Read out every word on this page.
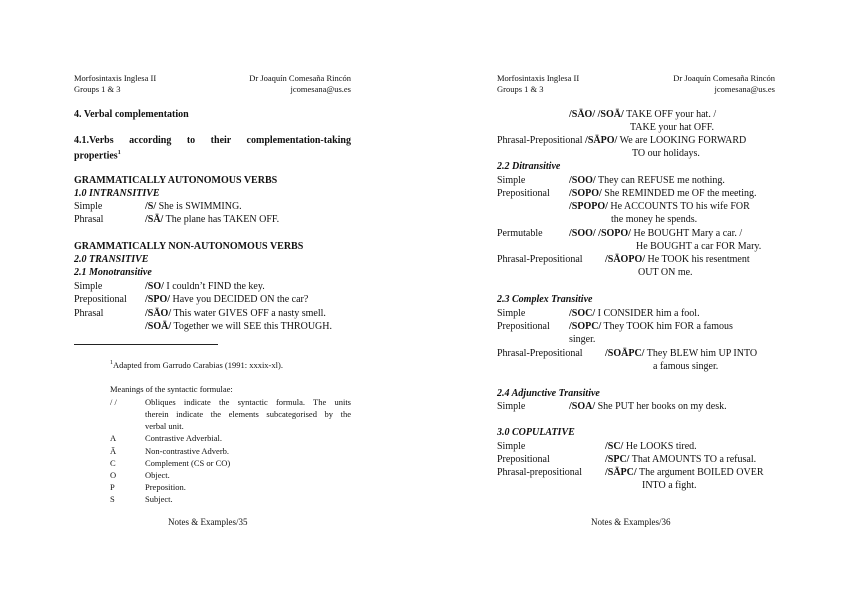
Morfosintaxis Inglesa II
Groups 1 & 3
Dr Joaquín Comesaña Rincón
jcomesana@us.es
4. Verbal complementation
4.1.Verbs according to their complementation-taking
properties$^1$
GRAMMATICALLY AUTONOMOUS VERBS
1.0 INTRANSITIVE
Simple	/S/ She is SWIMMING.
Phrasal	/SĀ/ The plane has TAKEN OFF.
GRAMMATICALLY NON-AUTONOMOUS VERBS
2.0 TRANSITIVE
2.1 Monotransitive
Simple	/SO/ I couldn’t FIND the key.
Prepositional /SPO/ Have you DECIDED ON the car?
Phrasal	/SĀO/ This water GIVES OFF a nasty smell.
/SOĀ/ Together we will SEE this THROUGH.
$^1$Adapted from Garrudo Carabias (1991: xxxix-xl).
Meanings of the syntactic formulae:
/ /	Obliques indicate the syntactic formula. The units
therein indicate the elements subcategorised by the
verbal unit.
A	Contrastive Adverbial.
Ā	Non-contrastive Adverb.
C	Complement (CS or CO)
O	Object.
P	Preposition.
S	Subject.
Notes & Examples/35
Morfosintaxis Inglesa II
Groups 1 & 3
Dr Joaquín Comesaña Rincón
jcomesana@us.es
/SĀO/ /SOĀ/ TAKE OFF your hat. /
TAKE your hat OFF.
Phrasal-Prepositional /SĀPO/ We are LOOKING FORWARD
TO our holidays.
2.2 Ditransitive
Simple	/SOO/ They can REFUSE me nothing.
Prepositional /SOPO/ She REMINDED me OF the meeting.
/SPOPO/ He ACCOUNTS TO his wife FOR
the money he spends.
Permutable	/SOO/ /SOPO/ He BOUGHT Mary a car. /
He BOUGHT a car FOR Mary.
Phrasal-Prepositional /SĀOPO/ He TOOK his resentment
OUT ON me.
2.3 Complex Transitive
Simple	/SOC/ I CONSIDER him a fool.
Prepositional /SOPC/ They TOOK him FOR a famous
singer.
Phrasal-Prepositional /SOĀPC/ They BLEW him UP INTO
a famous singer.
2.4 Adjunctive Transitive
Simple	/SOA/ She PUT her books on my desk.
3.0 COPULATIVE
Simple	/SC/ He LOOKS tired.
Prepositional	/SPC/ That AMOUNTS TO a refusal.
Phrasal-prepositional /SĀPC/ The argument BOILED OVER
INTO a fight.
Notes & Examples/36
